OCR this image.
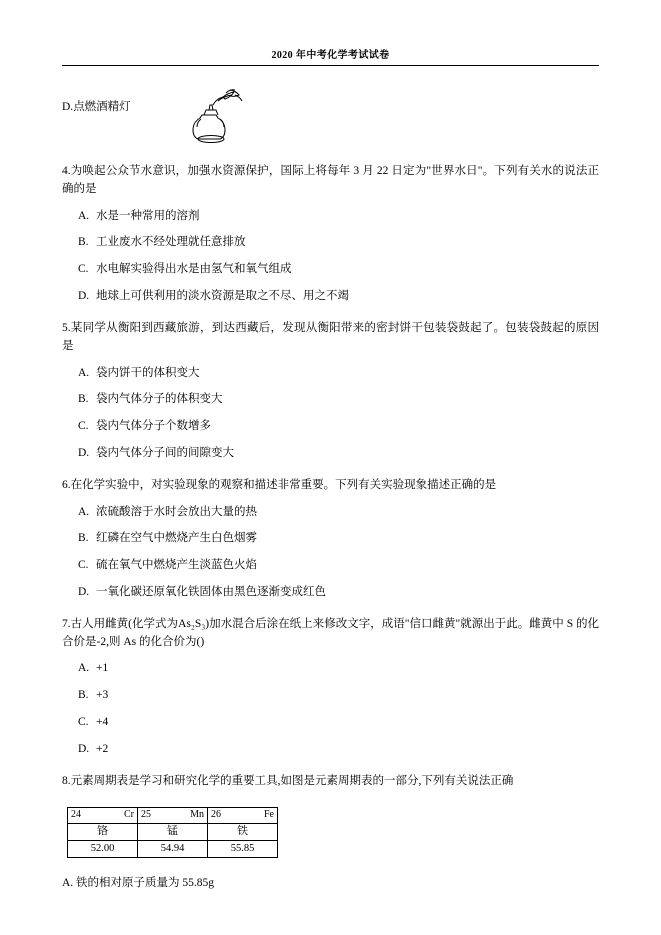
2020 年中考化学考试试卷
D.点燃酒精灯

4.为唤起公众节水意识，加强水资源保护，国际上将每年 3 月 22 日定为"世界水日"。下列有关水的说法正确的是

A. 水是一种常用的溶剂

B. 工业废水不经处理就任意排放

C. 水电解实验得出水是由氢气和氧气组成

D. 地球上可供利用的淡水资源是取之不尽、用之不竭

5.某同学从衡阳到西藏旅游，到达西藏后，发现从衡阳带来的密封饼干包装袋鼓起了。包装袋鼓起的原因是

A. 袋内饼干的体积变大

B. 袋内气体分子的体积变大

C. 袋内气体分子个数增多

D. 袋内气体分子间的间隙变大

6.在化学实验中，对实验现象的观察和描述非常重要。下列有关实验现象描述正确的是

A. 浓硫酸溶于水时会放出大量的热

B. 红磷在空气中燃烧产生白色烟雾

C. 硫在氧气中燃烧产生淡蓝色火焰

D. 一氧化碳还原氧化铁固体由黑色逐渐变成红色

7.古人用雌黄(化学式为As₂S₃)加水混合后涂在纸上来修改文字，成语"信口雌黄"就源出于此。雌黄中 S 的化合价是-2,则 As 的化合价为()

A. +1

B. +3

C. +4

D. +2

8.元素周期表是学习和研究化学的重要工具,如图是元素周期表的一部分,下列有关说法正确

24 Cr	25 Mn	26 Fe

铬	锰	铁
52.00	54.94	55.85

A. 铁的相对原子质量为 55.85g
